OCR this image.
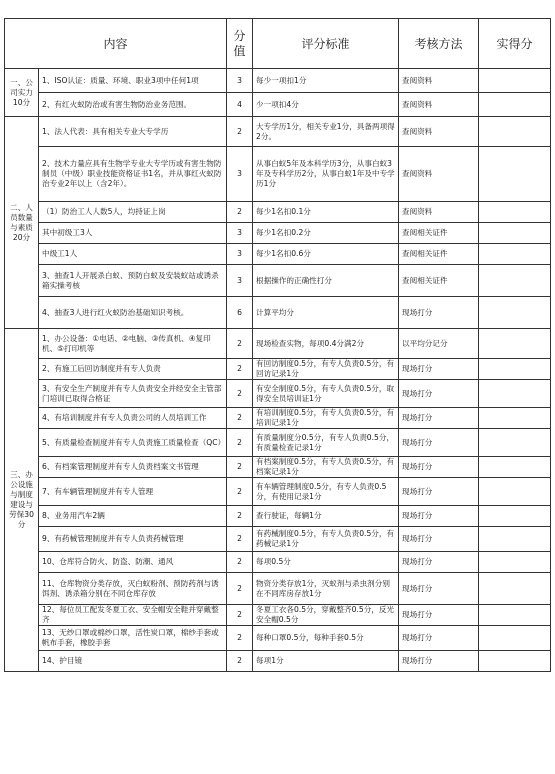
内容		分值	评分标准	考核方法	实得分
一、公司实力10分	1、ISO认证：质量、环境、职业3项中任何1项	3	每少一项扣1分	查阅资料	
	2、有红火蚁防治或有害生物防治业务范围。	4	少一项扣4分	查阅资料	
二、人员数量与素质20分	1、法人代表：具有相关专业大专学历	2	大专学历1分，相关专业1分，具备两项得2分。	查阅资料	
	2、技术力量应具有生物学专业大专学历或有害生物防制员（中级）职业技能资格证书1名，并从事红火蚁防治专业2年以上（含2年）。	3	从事白蚁5年及本科学历3分，从事白蚁3年及专科学历2分，从事白蚁1年及中专学历1分	查阅资料	
	（1）防治工人人数5人，均持证上岗	2	每少1名扣0.1分	查阅资料	
	其中初级工3人	3	每少1名扣0.2分	查阅相关证件	
	中级工1人	3	每少1名扣0.6分	查阅相关证件	
	3、抽查1人开展杀白蚁、预防白蚁及安装蚁站或诱杀箱实操考核	3	根据操作的正确性打分	查阅相关证件	
	4、抽查3人进行红火蚁防治基础知识考核。	6	计算平均分	现场打分	
三、办公设施与制度建设与劳保30分	1、办公设备：①电话、②电脑、③传真机、④复印机、⑤打印机等	2	现场检查实物，每项0.4分满2分	以平均分记分	
	2、有施工后回访制度并有专人负责	2	有回访制度0.5分，有专人负责0.5分，有回访记录1分	现场打分	
	3、有安全生产制度并有专人负责安全并经安全主管部门培训已取得合格证	2	有安全制度0.5分，有专人负责0.5分，取得安全员培训证1分	现场打分	
	4、有培训制度并有专人负责公司的人员培训工作	2	有培训制度0.5分，有专人负责0.5分，有培训记录1分	现场打分	
	5、有质量检查制度并有专人负责施工质量检查（QC）	2	有质量制度分0.5分，有专人负责0.5分，有质量检查记录1分	现场打分	
	6、有档案管理制度并有专人负责档案文书管理	2	有档案制度0.5分，有专人负责0.5分，有档案记录1分	现场打分	
	7、有车辆管理制度并有专人管理	2	有车辆管理制度0.5分，有专人负责0.5分，有使用记录1分	现场打分	
	8、业务用汽车2辆	2	查行驶证，每辆1分	现场打分	
	9、有药械管理制度并有专人负责药械管理	2	有药械制度0.5分，有专人负责0.5分，有药械记录1分	现场打分	
	10、仓库符合防火、防盗、防潮、通风	2	每项0.5分	现场打分	
	11、仓库物资分类存放，灭白蚁粉剂、预防药剂与诱饵剂、诱杀箱分别在不同仓库存放	2	物资分类存放1分，灭蚁剂与杀虫剂分别在不同库房存放1分	现场打分	
	12、每位员工配发冬夏工衣、安全帽安全鞋并穿戴整齐	2	冬夏工衣各0.5分，穿戴整齐0.5分，反光安全帽0.5分	现场打分	
	13、无纱口罩或棉纱口罩，活性炭口罩，棉纱手套或帆布手套，橡胶手套	2	每种口罩0.5分，每种手套0.5分	现场打分	
	14、护目镜	2	每项1分	现场打分	
